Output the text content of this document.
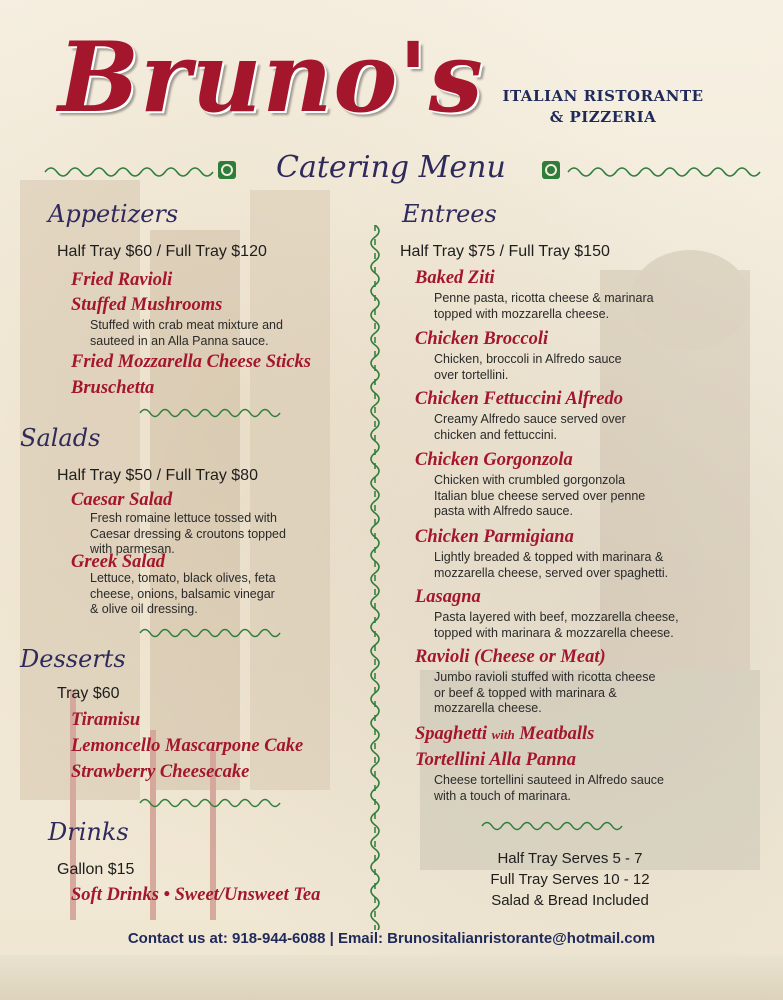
Bruno's	ITALIAN RISTORANTE
& PIZZERIA
Catering Menu
Appetizers
Half Tray $60 / Full Tray $120
Fried Ravioli
Stuffed Mushrooms
Stuffed with crab meat mixture and
sauteed in an Alla Panna sauce.
Fried Mozzarella Cheese Sticks
Bruschetta
Salads
Half Tray $50 / Full Tray $80
Caesar Salad
Fresh romaine lettuce tossed with
Caesar dressing & croutons topped
with parmesan.
Greek Salad
Lettuce, tomato, black olives, feta
cheese, onions, balsamic vinegar
& olive oil dressing.
Desserts
Tray $60
Tiramisu
Lemoncello Mascarpone Cake
Strawberry Cheesecake
Drinks
Gallon $15
Soft Drinks • Sweet/Unsweet Tea
Entrees
Half Tray $75 / Full Tray $150
Baked Ziti
Penne pasta, ricotta cheese & marinara
topped with mozzarella cheese.
Chicken Broccoli
Chicken, broccoli in Alfredo sauce
over tortellini.
Chicken Fettuccini Alfredo
Creamy Alfredo sauce served over
chicken and fettuccini.
Chicken Gorgonzola
Chicken with crumbled gorgonzola
Italian blue cheese served over penne
pasta with Alfredo sauce.
Chicken Parmigiana
Lightly breaded & topped with marinara &
mozzarella cheese, served over spaghetti.
Lasagna
Pasta layered with beef, mozzarella cheese,
topped with marinara & mozzarella cheese.
Ravioli (Cheese or Meat)
Jumbo ravioli stuffed with ricotta cheese
or beef & topped with marinara &
mozzarella cheese.
Spaghetti with Meatballs
Tortellini Alla Panna
Cheese tortellini sauteed in Alfredo sauce
with a touch of marinara.
Half Tray Serves 5 - 7
Full Tray Serves 10 - 12
Salad & Bread Included
Contact us at: 918-944-6088 | Email: Brunositalianristorante@hotmail.com
